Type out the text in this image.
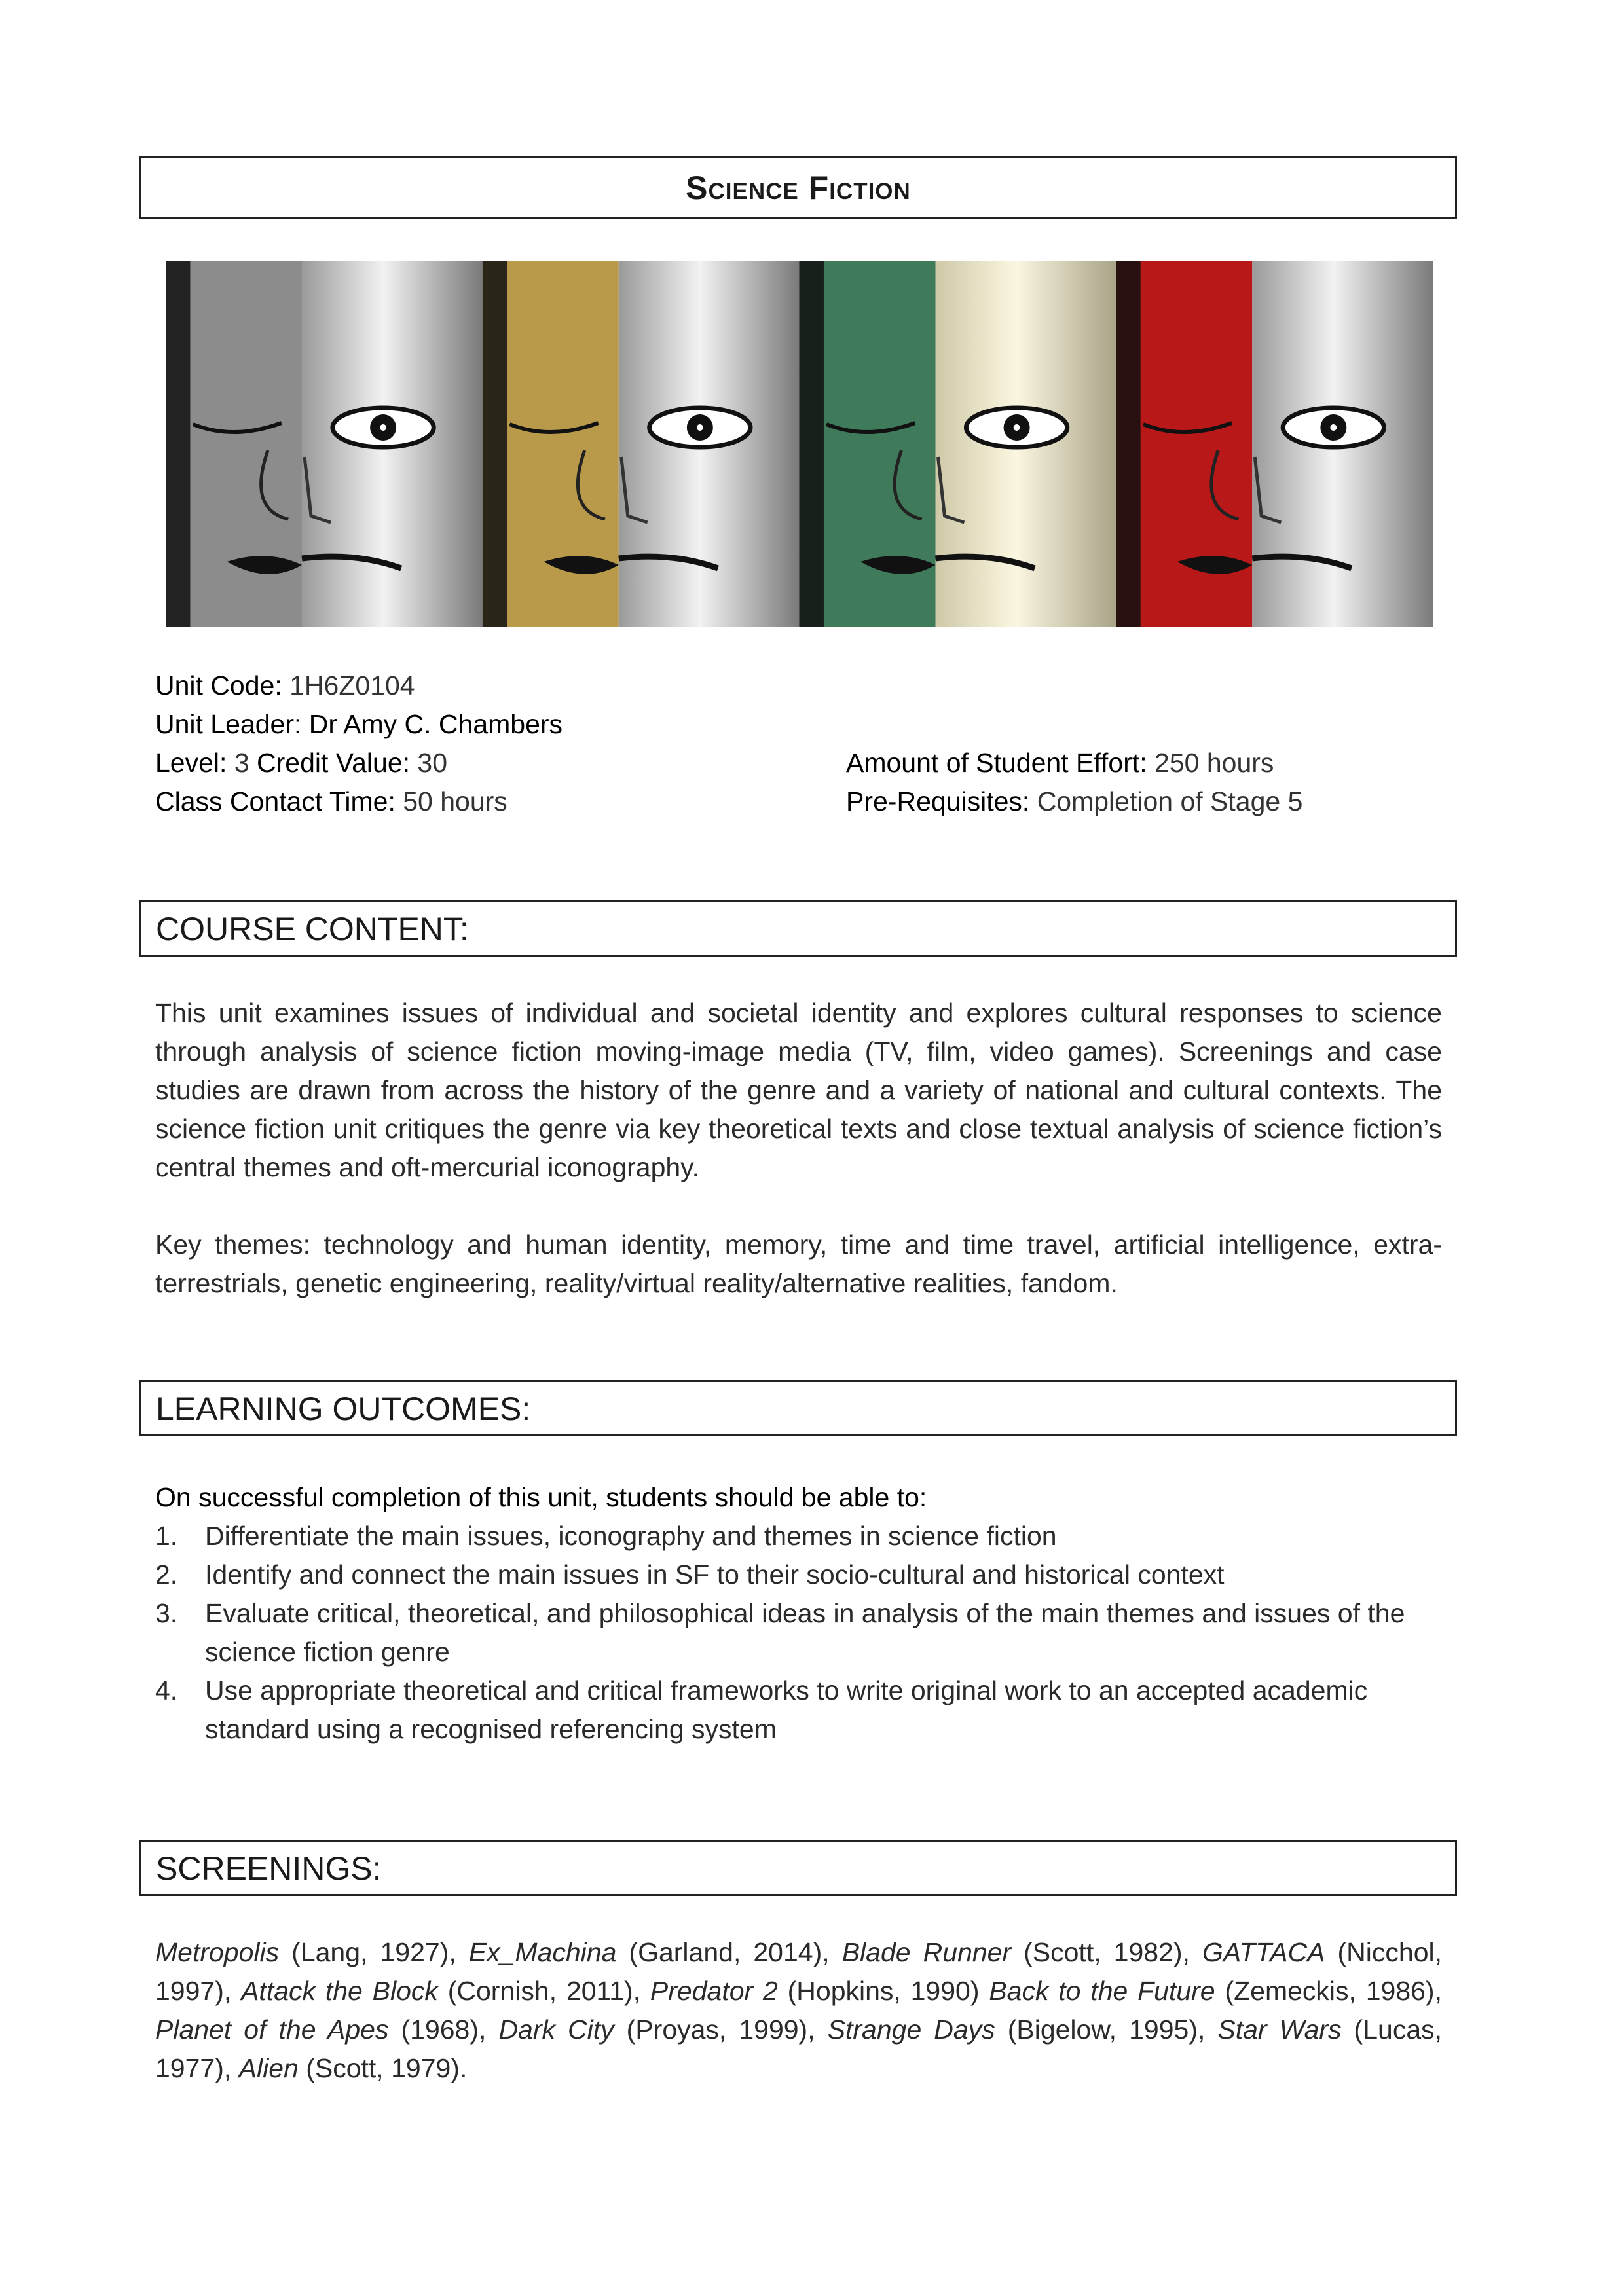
Science Fiction
Unit Code: 1H6Z0104
Unit Leader: Dr Amy C. Chambers
Level: 3 Credit Value: 30
Class Contact Time: 50 hours
Amount of Student Effort: 250 hours
Pre-Requisites: Completion of Stage 5
COURSE CONTENT:

This unit examines issues of individual and societal identity and explores cultural responses to science through analysis of science fiction moving-image media (TV, film, video games). Screenings and case studies are drawn from across the history of the genre and a variety of national and cultural contexts. The science fiction unit critiques the genre via key theoretical texts and close textual analysis of science fiction’s central themes and oft-mercurial iconography.

Key themes: technology and human identity, memory, time and time travel, artificial intelligence, extra-terrestrials, genetic engineering, reality/virtual reality/alternative realities, fandom.

LEARNING OUTCOMES:
On successful completion of this unit, students should be able to:
1. Differentiate the main issues, iconography and themes in science fiction
2. Identify and connect the main issues in SF to their socio-cultural and historical context
3. Evaluate critical, theoretical, and philosophical ideas in analysis of the main themes and issues of the science fiction genre
4. Use appropriate theoretical and critical frameworks to write original work to an accepted academic standard using a recognised referencing system
SCREENINGS:

Metropolis (Lang, 1927), Ex_Machina (Garland, 2014), Blade Runner (Scott, 1982), GATTACA (Nicchol, 1997), Attack the Block (Cornish, 2011), Predator 2 (Hopkins, 1990) Back to the Future (Zemeckis, 1986), Planet of the Apes (1968), Dark City (Proyas, 1999), Strange Days (Bigelow, 1995), Star Wars (Lucas, 1977), Alien (Scott, 1979).
